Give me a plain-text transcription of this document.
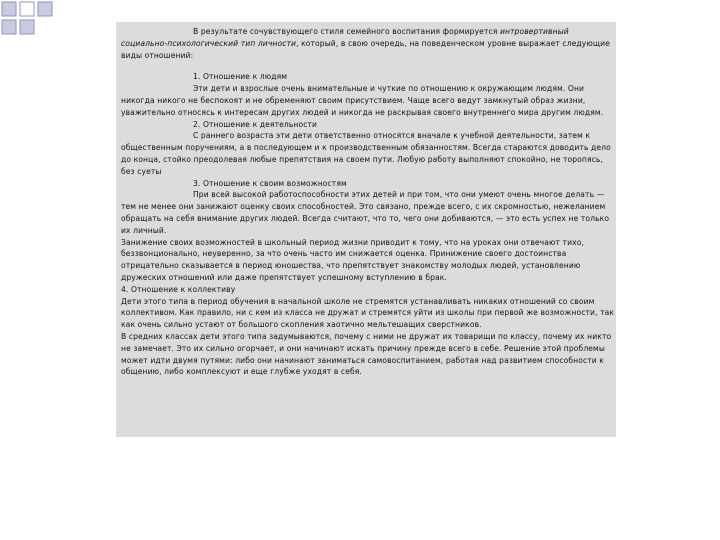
В результате сочувствующего стиля семейного воспитания формируется интровертивный социально-психологический тип личности, который, в свою очередь, на поведенческом уровне выражает следующие виды отношений:

1. Отношение к людям

Эти дети и взрослые очень внимательные и чуткие по отношению к окружающим людям. Они никогда никого не беспокоят и не обременяют своим присутствием. Чаще всего ведут замкнутый образ жизни, уважительно относясь к интересам других людей и никогда не раскрывая своего внутреннего мира другим людям.

2. Отношение к деятельности

С раннего возраста эти дети ответственно относятся вначале к учебной деятельности, затем к общественным поручениям, а в последующем и к производственным обязанностям. Всегда стараются доводить дело до конца, стойко преодолевая любые препятствия на своем пути. Любую работу выполняют спокойно, не торопясь, без суеты

3. Отношение к своим возможностям

При всей высокой работоспособности этих детей и при том, что они умеют очень многое делать — тем не менее они занижают оценку своих способностей. Это связано, прежде всего, с их скромностью, нежеланием обращать на себя внимание других людей. Всегда считают, что то, чего они добиваются, — это есть успех не только их личный.

Занижение своих возможностей в школьный период жизни приводит к тому, что на уроках они отвечают тихо, беззвонционально, неуверенно, за что очень часто им снижается оценка. Принижение своего достоинства отрицательно сказывается в период юношества, что препятствует знакомству молодых людей, установлению дружеских отношений или даже препятствует успешному вступлению в брак.

4. Отношение к коллективу

Дети этого типа в период обучения в начальной школе не стремятся устанавливать никаких отношений со своим коллективом. Как правило, ни с кем из класса не дружат и стремятся уйти из школы при первой же возможности, так как очень сильно устают от большого скопления хаотично мельтешащих сверстников.

В средних классах дети этого типа задумываются, почему с ними не дружат их товарищи по классу, почему их никто не замечает. Это их сильно огорчает, и они начинают искать причину прежде всего в себе. Решение этой проблемы может идти двумя путями: либо они начинают заниматься самовоспитанием, работая над развитием способности к общению, либо комплексуют и еще глубже уходят в себя.
